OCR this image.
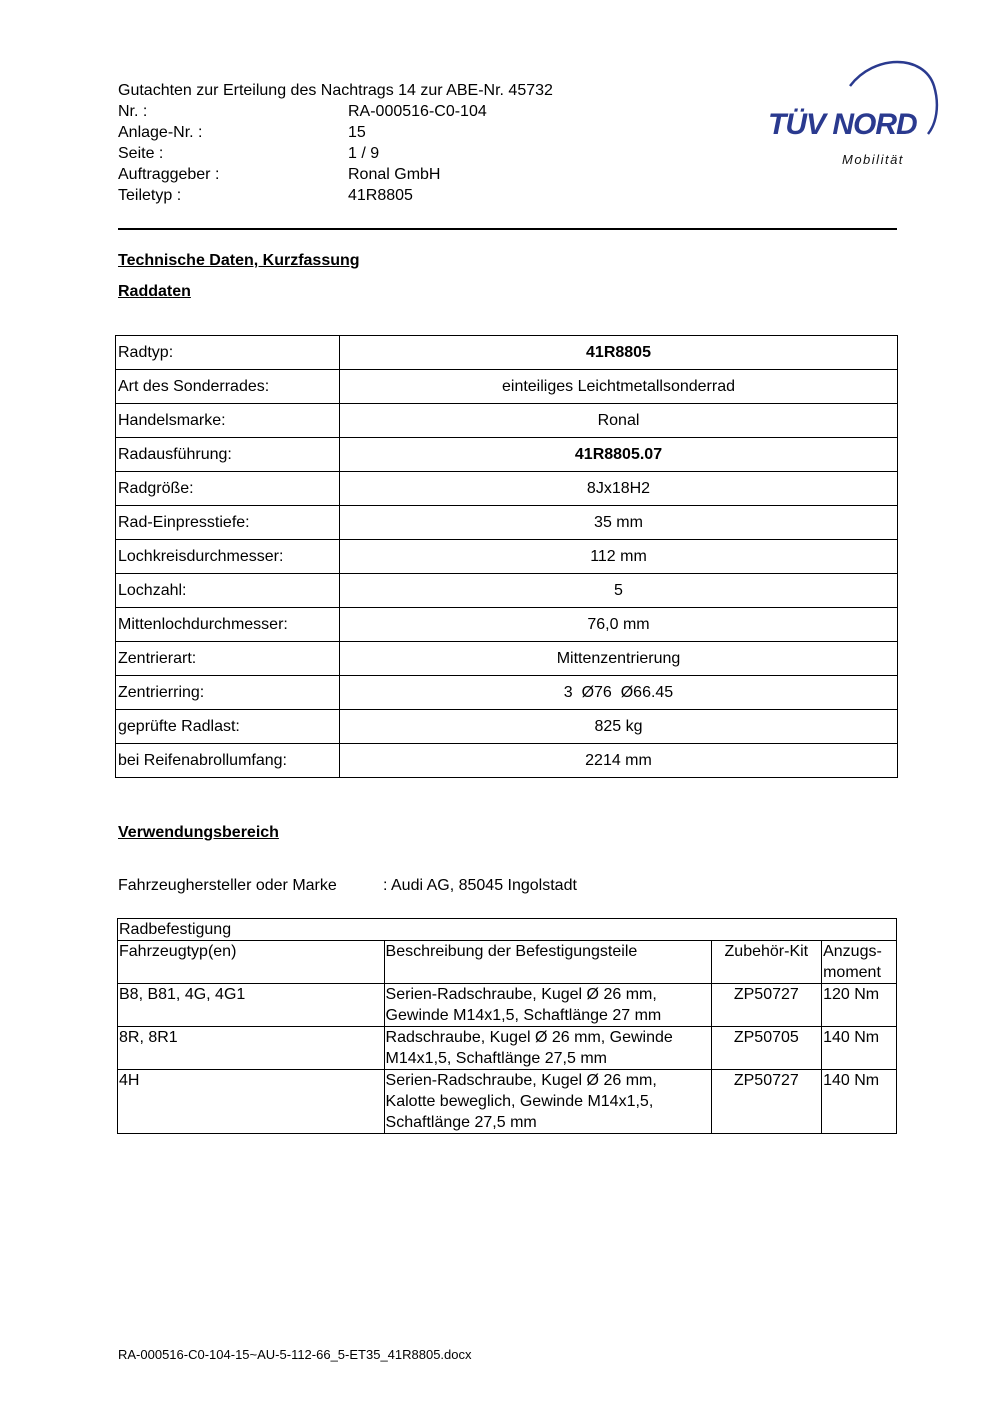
Gutachten zur Erteilung des Nachtrags 14 zur ABE-Nr. 45732
Nr. :	RA-000516-C0-104
Anlage-Nr. :	15
Seite :	1 / 9
Auftraggeber :	Ronal GmbH
Teiletyp :	41R8805
TÜV NORD
Mobilität
Technische Daten, Kurzfassung
Raddaten
Radtyp:	41R8805
Art des Sonderrades:	einteiliges Leichtmetallsonderrad
Handelsmarke:	Ronal
Radausführung:	41R8805.07
Radgröße:	8Jx18H2
Rad-Einpresstiefe:	35 mm
Lochkreisdurchmesser:	112 mm
Lochzahl:	5
Mittenlochdurchmesser:	76,0 mm
Zentrierart:	Mittenzentrierung
Zentrierring:	3  Ø76  Ø66.45
geprüfte Radlast:	825 kg
bei Reifenabrollumfang:	2214 mm
Verwendungsbereich
Fahrzeughersteller oder Marke	: Audi AG, 85045 Ingolstadt
Radbefestigung			
Fahrzeugtyp(en)	Beschreibung der Befestigungsteile	Zubehör-Kit	Anzugs-
moment
B8, B81, 4G, 4G1	Serien-Radschraube, Kugel Ø 26 mm, Gewinde M14x1,5, Schaftlänge 27 mm	ZP50727	120 Nm
8R, 8R1	Radschraube, Kugel Ø 26 mm, Gewinde M14x1,5, Schaftlänge 27,5 mm	ZP50705	140 Nm
4H	Serien-Radschraube, Kugel Ø 26 mm, Kalotte beweglich, Gewinde M14x1,5, Schaftlänge 27,5 mm	ZP50727	140 Nm
RA-000516-C0-104-15~AU-5-112-66_5-ET35_41R8805.docx
